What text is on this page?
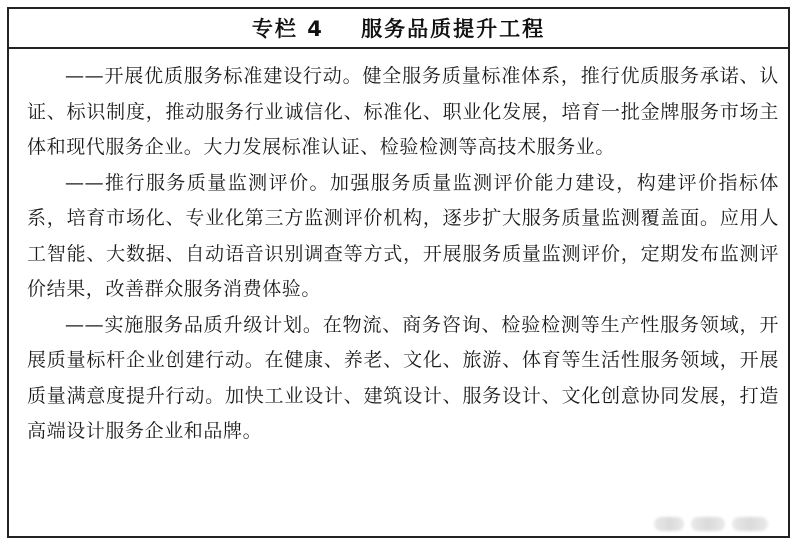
专栏 4    服务品质提升工程

——开展优质服务标准建设行动。健全服务质量标准体系，推行优质服务承诺、认证、标识制度，推动服务行业诚信化、标准化、职业化发展，培育一批金牌服务市场主体和现代服务企业。大力发展标准认证、检验检测等高技术服务业。

——推行服务质量监测评价。加强服务质量监测评价能力建设，构建评价指标体系，培育市场化、专业化第三方监测评价机构，逐步扩大服务质量监测覆盖面。应用人工智能、大数据、自动语音识别调查等方式，开展服务质量监测评价，定期发布监测评价结果，改善群众服务消费体验。

——实施服务品质升级计划。在物流、商务咨询、检验检测等生产性服务领域，开展质量标杆企业创建行动。在健康、养老、文化、旅游、体育等生活性服务领域，开展质量满意度提升行动。加快工业设计、建筑设计、服务设计、文化创意协同发展，打造高端设计服务企业和品牌。
